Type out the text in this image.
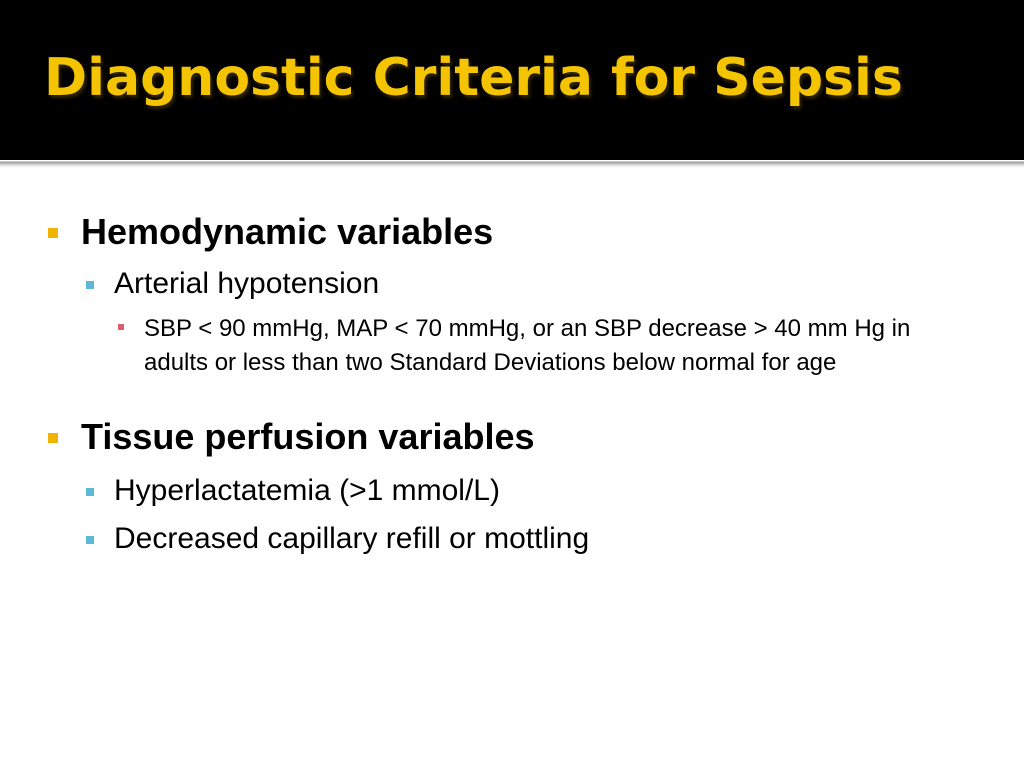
Diagnostic Criteria for Sepsis
Hemodynamic variables
Arterial hypotension
SBP < 90 mmHg, MAP < 70 mmHg, or an SBP decrease > 40 mm Hg in adults or less than two Standard Deviations below normal for age
Tissue perfusion variables
Hyperlactatemia (>1 mmol/L)
Decreased capillary refill or mottling
